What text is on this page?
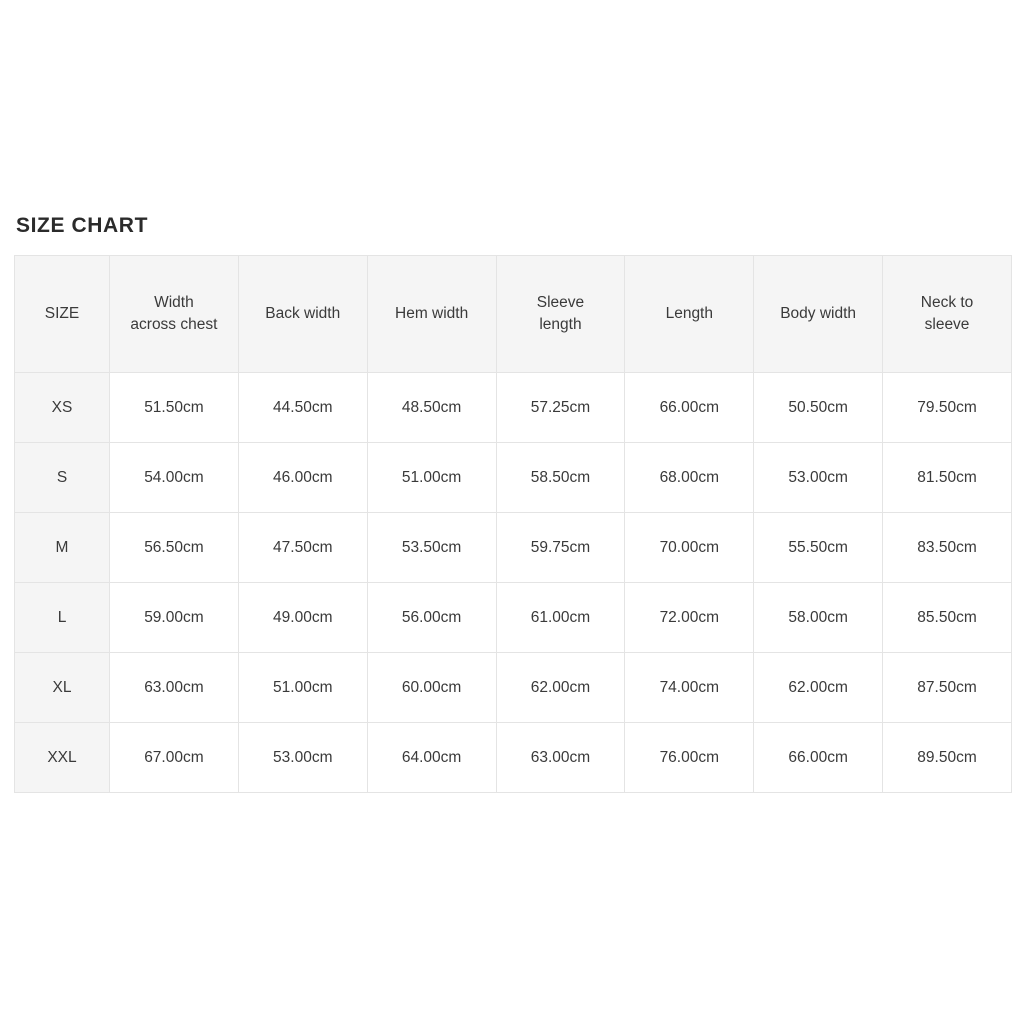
SIZE CHART
SIZE	Width across chest	Back width	Hem width	Sleeve length	Length	Body width	Neck to sleeve

XS	51.50cm	44.50cm	48.50cm	57.25cm	66.00cm	50.50cm	79.50cm

S	54.00cm	46.00cm	51.00cm	58.50cm	68.00cm	53.00cm	81.50cm

M	56.50cm	47.50cm	53.50cm	59.75cm	70.00cm	55.50cm	83.50cm

L	59.00cm	49.00cm	56.00cm	61.00cm	72.00cm	58.00cm	85.50cm

XL	63.00cm	51.00cm	60.00cm	62.00cm	74.00cm	62.00cm	87.50cm

XXL	67.00cm	53.00cm	64.00cm	63.00cm	76.00cm	66.00cm	89.50cm
